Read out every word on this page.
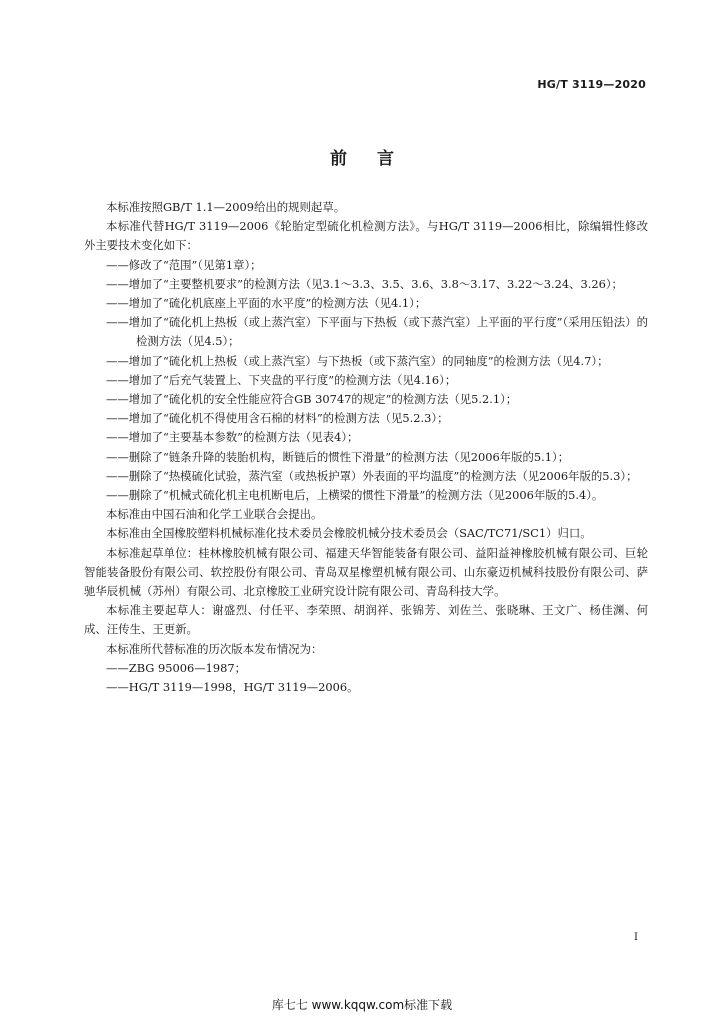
HG/T 3119—2020
前 言

本标准按照GB/T 1.1—2009给出的规则起草。

本标准代替HG/T 3119—2006《轮胎定型硫化机检测方法》。与HG/T 3119—2006相比，除编辑性修改外主要技术变化如下：

——修改了“范围”（见第1章）；

——增加了“主要整机要求”的检测方法（见3.1～3.3、3.5、3.6、3.8～3.17、3.22～3.24、3.26）；

——增加了“硫化机底座上平面的水平度”的检测方法（见4.1）；

——增加了“硫化机上热板（或上蒸汽室）下平面与下热板（或下蒸汽室）上平面的平行度”（采用压铅法）的检测方法（见4.5）；

——增加了“硫化机上热板（或上蒸汽室）与下热板（或下蒸汽室）的同轴度”的检测方法（见4.7）；

——增加了“后充气装置上、下夹盘的平行度”的检测方法（见4.16）；

——增加了“硫化机的安全性能应符合GB 30747的规定”的检测方法（见5.2.1）；

——增加了“硫化机不得使用含石棉的材料”的检测方法（见5.2.3）；

——增加了“主要基本参数”的检测方法（见表4）；

——删除了“链条升降的装胎机构，断链后的惯性下滑量”的检测方法（见2006年版的5.1）；

——删除了“热模硫化试验，蒸汽室（或热板护罩）外表面的平均温度”的检测方法（见2006年版的5.3）；

——删除了“机械式硫化机主电机断电后，上横梁的惯性下滑量”的检测方法（见2006年版的5.4）。

本标准由中国石油和化学工业联合会提出。

本标准由全国橡胶塑料机械标准化技术委员会橡胶机械分技术委员会（SAC/TC71/SC1）归口。

本标准起草单位：桂林橡胶机械有限公司、福建天华智能装备有限公司、益阳益神橡胶机械有限公司、巨轮智能装备股份有限公司、软控股份有限公司、青岛双星橡塑机械有限公司、山东豪迈机械科技股份有限公司、萨驰华辰机械（苏州）有限公司、北京橡胶工业研究设计院有限公司、青岛科技大学。

本标准主要起草人：谢盛烈、付任平、李荣照、胡润祥、张锦芳、刘佐兰、张晓琳、王文广、杨佳渊、何成、汪传生、王更新。

本标准所代替标准的历次版本发布情况为：

——ZBG 95006—1987；

——HG/T 3119—1998，HG/T 3119—2006。

I
库七七 www.kqqw.com标准下载
